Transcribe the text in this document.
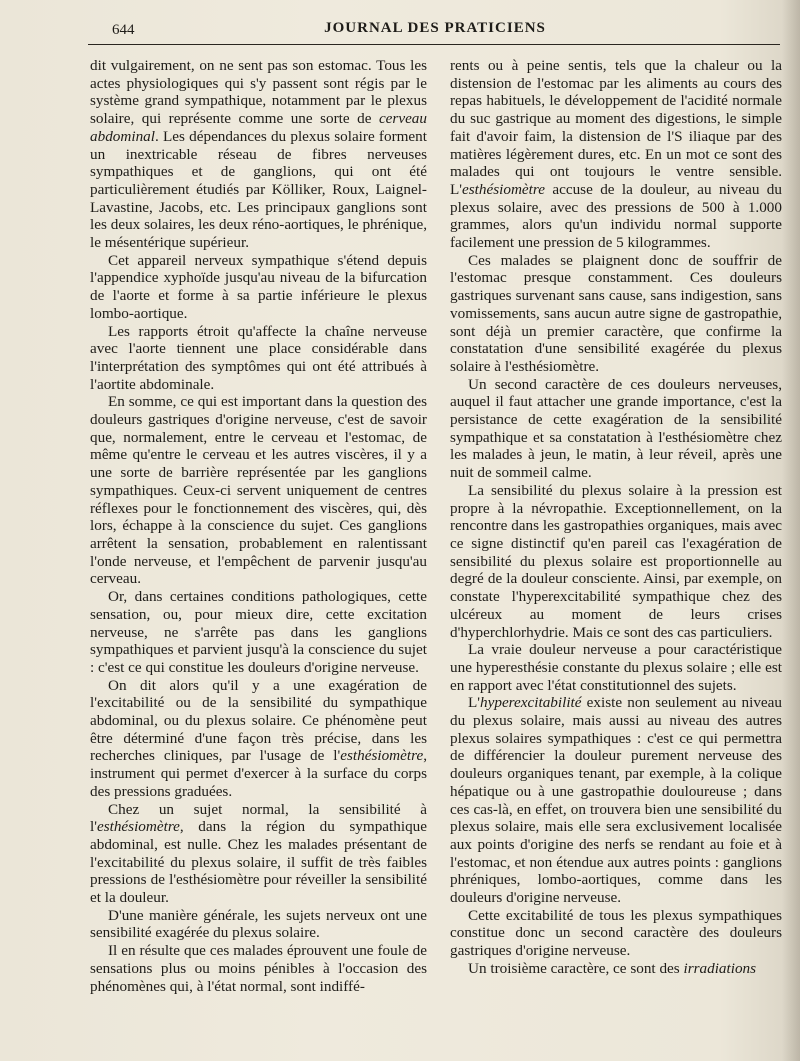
644	JOURNAL DES PRATICIENS

dit vulgairement, on ne sent pas son estomac. Tous les actes physiologiques qui s'y passent sont régis par le système grand sympathique, notamment par le plexus solaire, qui représente comme une sorte de cerveau abdominal. Les dépendances du plexus solaire forment un inextricable réseau de fibres nerveuses sympathiques et de ganglions, qui ont été particulièrement étudiés par Kölliker, Roux, Laignel-Lavastine, Jacobs, etc. Les principaux ganglions sont les deux solaires, les deux réno-aortiques, le phrénique, le mésentérique supérieur.

Cet appareil nerveux sympathique s'étend depuis l'appendice xyphoïde jusqu'au niveau de la bifurcation de l'aorte et forme à sa partie inférieure le plexus lombo-aortique.

Les rapports étroit qu'affecte la chaîne nerveuse avec l'aorte tiennent une place considérable dans l'interprétation des symptômes qui ont été attribués à l'aortite abdominale.

En somme, ce qui est important dans la question des douleurs gastriques d'origine nerveuse, c'est de savoir que, normalement, entre le cerveau et l'estomac, de même qu'entre le cerveau et les autres viscères, il y a une sorte de barrière représentée par les ganglions sympathiques. Ceux-ci servent uniquement de centres réflexes pour le fonctionnement des viscères, qui, dès lors, échappe à la conscience du sujet. Ces ganglions arrêtent la sensation, probablement en ralentissant l'onde nerveuse, et l'empêchent de parvenir jusqu'au cerveau.

Or, dans certaines conditions pathologiques, cette sensation, ou, pour mieux dire, cette excitation nerveuse, ne s'arrête pas dans les ganglions sympathiques et parvient jusqu'à la conscience du sujet : c'est ce qui constitue les douleurs d'origine nerveuse.

On dit alors qu'il y a une exagération de l'excitabilité ou de la sensibilité du sympathique abdominal, ou du plexus solaire. Ce phénomène peut être déterminé d'une façon très précise, dans les recherches cliniques, par l'usage de l'esthésiomètre, instrument qui permet d'exercer à la surface du corps des pressions graduées.

Chez un sujet normal, la sensibilité à l'esthésiomètre, dans la région du sympathique abdominal, est nulle. Chez les malades présentant de l'excitabilité du plexus solaire, il suffit de très faibles pressions de l'esthésiomètre pour réveiller la sensibilité et la douleur.

D'une manière générale, les sujets nerveux ont une sensibilité exagérée du plexus solaire.

Il en résulte que ces malades éprouvent une foule de sensations plus ou moins pénibles à l'occasion des phénomènes qui, à l'état normal, sont indiffé-

rents ou à peine sentis, tels que la chaleur ou la distension de l'estomac par les aliments au cours des repas habituels, le développement de l'acidité normale du suc gastrique au moment des digestions, le simple fait d'avoir faim, la distension de l'S iliaque par des matières légèrement dures, etc. En un mot ce sont des malades qui ont toujours le ventre sensible. L'esthésiomètre accuse de la douleur, au niveau du plexus solaire, avec des pressions de 500 à 1.000 grammes, alors qu'un individu normal supporte facilement une pression de 5 kilogrammes.

Ces malades se plaignent donc de souffrir de l'estomac presque constamment. Ces douleurs gastriques survenant sans cause, sans indigestion, sans vomissements, sans aucun autre signe de gastropathie, sont déjà un premier caractère, que confirme la constatation d'une sensibilité exagérée du plexus solaire à l'esthésiomètre.

Un second caractère de ces douleurs nerveuses, auquel il faut attacher une grande importance, c'est la persistance de cette exagération de la sensibilité sympathique et sa constatation à l'esthésiomètre chez les malades à jeun, le matin, à leur réveil, après une nuit de sommeil calme.

La sensibilité du plexus solaire à la pression est propre à la névropathie. Exceptionnellement, on la rencontre dans les gastropathies organiques, mais avec ce signe distinctif qu'en pareil cas l'exagération de sensibilité du plexus solaire est proportionnelle au degré de la douleur consciente. Ainsi, par exemple, on constate l'hyperexcitabilité sympathique chez des ulcéreux au moment de leurs crises d'hyperchlorhydrie. Mais ce sont des cas particuliers.

La vraie douleur nerveuse a pour caractéristique une hyperesthésie constante du plexus solaire ; elle est en rapport avec l'état constitutionnel des sujets.

L'hyperexcitabilité existe non seulement au niveau du plexus solaire, mais aussi au niveau des autres plexus solaires sympathiques : c'est ce qui permettra de différencier la douleur purement nerveuse des douleurs organiques tenant, par exemple, à la colique hépatique ou à une gastropathie douloureuse ; dans ces cas-là, en effet, on trouvera bien une sensibilité du plexus solaire, mais elle sera exclusivement localisée aux points d'origine des nerfs se rendant au foie et à l'estomac, et non étendue aux autres points : ganglions phréniques, lombo-aortiques, comme dans les douleurs d'origine nerveuse.

Cette excitabilité de tous les plexus sympathiques constitue donc un second caractère des douleurs gastriques d'origine nerveuse.

Un troisième caractère, ce sont des irradiations
